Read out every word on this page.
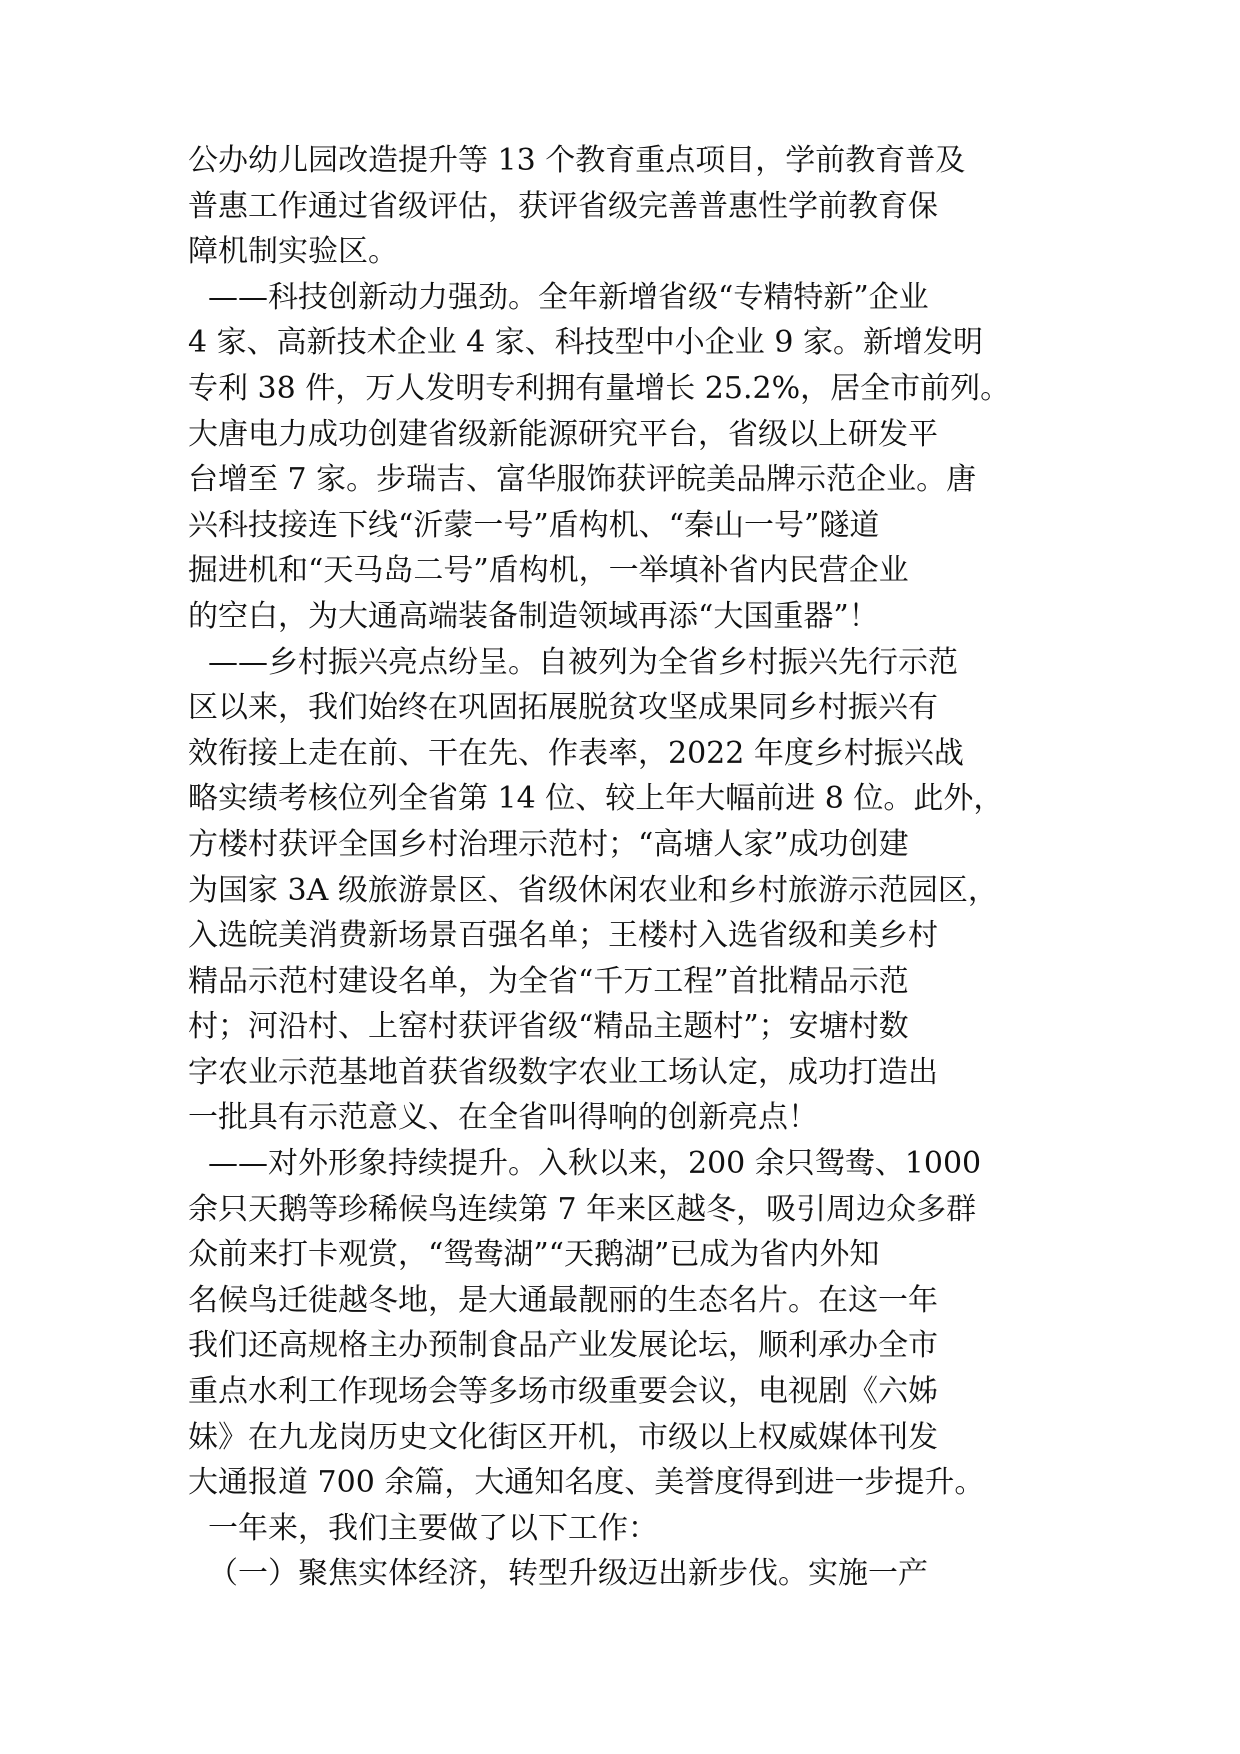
公办幼儿园改造提升等 13 个教育重点项目，学前教育普及
普惠工作通过省级评估，获评省级完善普惠性学前教育保
障机制实验区。
——科技创新动力强劲。全年新增省级“专精特新”企业
4 家、高新技术企业 4 家、科技型中小企业 9 家。新增发明
专利 38 件，万人发明专利拥有量增长 25.2%，居全市前列。
大唐电力成功创建省级新能源研究平台，省级以上研发平
台增至 7 家。步瑞吉、富华服饰获评皖美品牌示范企业。唐
兴科技接连下线“沂蒙一号”盾构机、“秦山一号”隧道
掘进机和“天马岛二号”盾构机，一举填补省内民营企业
的空白，为大通高端装备制造领域再添“大国重器”！
——乡村振兴亮点纷呈。自被列为全省乡村振兴先行示范
区以来，我们始终在巩固拓展脱贫攻坚成果同乡村振兴有
效衔接上走在前、干在先、作表率，2022 年度乡村振兴战
略实绩考核位列全省第 14 位、较上年大幅前进 8 位。此外，
方楼村获评全国乡村治理示范村；“高塘人家”成功创建
为国家 3A 级旅游景区、省级休闲农业和乡村旅游示范园区，
入选皖美消费新场景百强名单；王楼村入选省级和美乡村
精品示范村建设名单，为全省“千万工程”首批精品示范
村；河沿村、上窑村获评省级“精品主题村”；安塘村数
字农业示范基地首获省级数字农业工场认定，成功打造出
一批具有示范意义、在全省叫得响的创新亮点！
——对外形象持续提升。入秋以来，200 余只鸳鸯、1000
余只天鹅等珍稀候鸟连续第 7 年来区越冬，吸引周边众多群
众前来打卡观赏，“鸳鸯湖”“天鹅湖”已成为省内外知
名候鸟迁徙越冬地，是大通最靓丽的生态名片。在这一年
我们还高规格主办预制食品产业发展论坛，顺利承办全市
重点水利工作现场会等多场市级重要会议，电视剧《六姊
妹》在九龙岗历史文化街区开机，市级以上权威媒体刊发
大通报道 700 余篇，大通知名度、美誉度得到进一步提升。
一年来，我们主要做了以下工作：
（一）聚焦实体经济，转型升级迈出新步伐。实施一产
